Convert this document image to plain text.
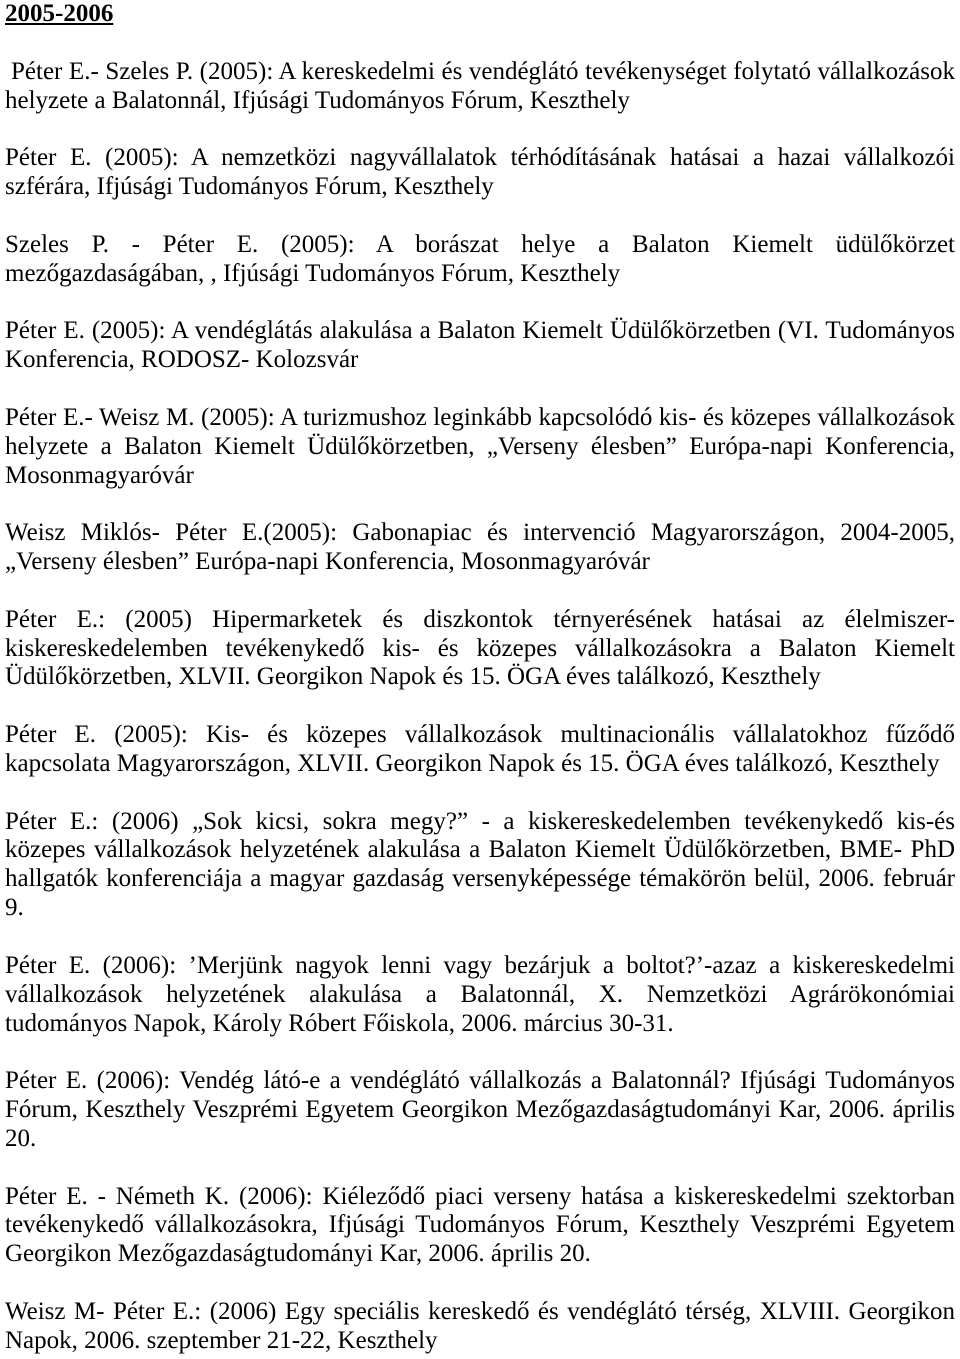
2005-2006

Péter E.- Szeles P. (2005): A kereskedelmi és vendéglátó tevékenységet folytató vállalkozások helyzete a Balatonnál, Ifjúsági Tudományos Fórum, Keszthely

Péter E. (2005): A nemzetközi nagyvállalatok térhódításának hatásai a hazai vállalkozói szférára, Ifjúsági Tudományos Fórum, Keszthely

Szeles P. - Péter E. (2005): A borászat helye a Balaton Kiemelt üdülőkörzet mezőgazdaságában, , Ifjúsági Tudományos Fórum, Keszthely

Péter E. (2005): A vendéglátás alakulása a Balaton Kiemelt Üdülőkörzetben (VI. Tudományos Konferencia, RODOSZ- Kolozsvár

Péter E.- Weisz M. (2005): A turizmushoz leginkább kapcsolódó kis- és közepes vállalkozások helyzete a Balaton Kiemelt Üdülőkörzetben, „Verseny élesben” Európa-napi Konferencia, Mosonmagyaróvár

Weisz Miklós- Péter E.(2005): Gabonapiac és intervenció Magyarországon, 2004-2005, „Verseny élesben” Európa-napi Konferencia, Mosonmagyaróvár

Péter E.: (2005) Hipermarketek és diszkontok térnyerésének hatásai az élelmiszer-kiskereskedelemben tevékenykedő kis- és közepes vállalkozásokra a Balaton Kiemelt Üdülőkörzetben, XLVII. Georgikon Napok és 15. ÖGA éves találkozó, Keszthely

Péter E. (2005): Kis- és közepes vállalkozások multinacionális vállalatokhoz fűződő kapcsolata Magyarországon, XLVII. Georgikon Napok és 15. ÖGA éves találkozó, Keszthely

Péter E.: (2006) „Sok kicsi, sokra megy?” - a kiskereskedelemben tevékenykedő kis-és közepes vállalkozások helyzetének alakulása a Balaton Kiemelt Üdülőkörzetben, BME- PhD hallgatók konferenciája a magyar gazdaság versenyképessége témakörön belül, 2006. február 9.

Péter E. (2006): ’Merjünk nagyok lenni vagy bezárjuk a boltot?’-azaz a kiskereskedelmi vállalkozások helyzetének alakulása a Balatonnál, X. Nemzetközi Agrárökonómiai tudományos Napok, Károly Róbert Főiskola, 2006. március 30-31.

Péter E. (2006): Vendég látó-e a vendéglátó vállalkozás a Balatonnál? Ifjúsági Tudományos Fórum, Keszthely Veszprémi Egyetem Georgikon Mezőgazdaságtudományi Kar, 2006. április 20.

Péter E. - Németh K. (2006): Kiéleződő piaci verseny hatása a kiskereskedelmi szektorban tevékenykedő vállalkozásokra, Ifjúsági Tudományos Fórum, Keszthely Veszprémi Egyetem Georgikon Mezőgazdaságtudományi Kar, 2006. április 20.

Weisz M- Péter E.: (2006) Egy speciális kereskedő és vendéglátó térség, XLVIII. Georgikon Napok, 2006. szeptember 21-22, Keszthely
